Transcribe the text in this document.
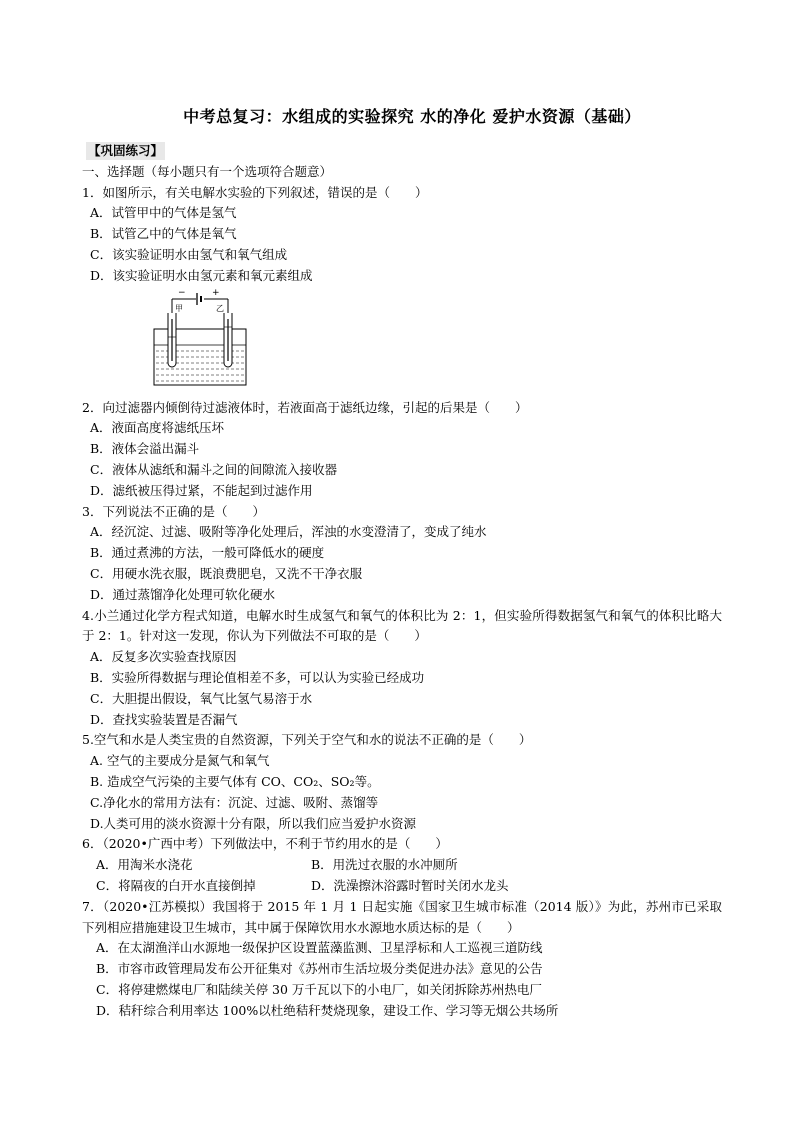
中考总复习：水组成的实验探究 水的净化 爱护水资源（基础）
【巩固练习】
一、选择题（每小题只有一个选项符合题意）
1．如图所示，有关电解水实验的下列叙述，错误的是（　　）
A．试管甲中的气体是氢气
B．试管乙中的气体是氧气
C．该实验证明水由氢气和氧气组成
D．该实验证明水由氢元素和氧元素组成
−	+
甲	乙
2．向过滤器内倾倒待过滤液体时，若液面高于滤纸边缘，引起的后果是（　　）
A．液面高度将滤纸压坏
B．液体会溢出漏斗
C．液体从滤纸和漏斗之间的间隙流入接收器
D．滤纸被压得过紧，不能起到过滤作用
3．下列说法不正确的是（　　）
A．经沉淀、过滤、吸附等净化处理后，浑浊的水变澄清了，变成了纯水
B．通过煮沸的方法，一般可降低水的硬度
C．用硬水洗衣服，既浪费肥皂，又洗不干净衣服
D．通过蒸馏净化处理可软化硬水
4.小兰通过化学方程式知道，电解水时生成氢气和氧气的体积比为 2：1，但实验所得数据氢气和氧气的体积比略大于 2：1。针对这一发现，你认为下列做法不可取的是（　　）
A．反复多次实验查找原因
B．实验所得数据与理论值相差不多，可以认为实验已经成功
C．大胆提出假设，氧气比氢气易溶于水
D．查找实验装置是否漏气
5.空气和水是人类宝贵的自然资源，下列关于空气和水的说法不正确的是（　　）
A. 空气的主要成分是氮气和氧气
B. 造成空气污染的主要气体有 CO、CO₂、SO₂等。
C.净化水的常用方法有：沉淀、过滤、吸附、蒸馏等
D.人类可用的淡水资源十分有限，所以我们应当爱护水资源
6．（2020•广西中考）下列做法中，不利于节约用水的是（　　）
A．用淘米水浇花	B．用洗过衣服的水冲厕所
C．将隔夜的白开水直接倒掉	D．洗澡擦沐浴露时暂时关闭水龙头
7．（2020•江苏模拟）我国将于 2015 年 1 月 1 日起实施《国家卫生城市标准（2014 版）》为此，苏州市已采取下列相应措施建设卫生城市，其中属于保障饮用水水源地水质达标的是（　　）
A．在太湖渔洋山水源地一级保护区设置蓝藻监测、卫星浮标和人工巡视三道防线
B．市容市政管理局发布公开征集对《苏州市生活垃圾分类促进办法》意见的公告
C．将停建燃煤电厂和陆续关停 30 万千瓦以下的小电厂，如关闭拆除苏州热电厂
D．秸秆综合利用率达 100%以杜绝秸秆焚烧现象，建设工作、学习等无烟公共场所
